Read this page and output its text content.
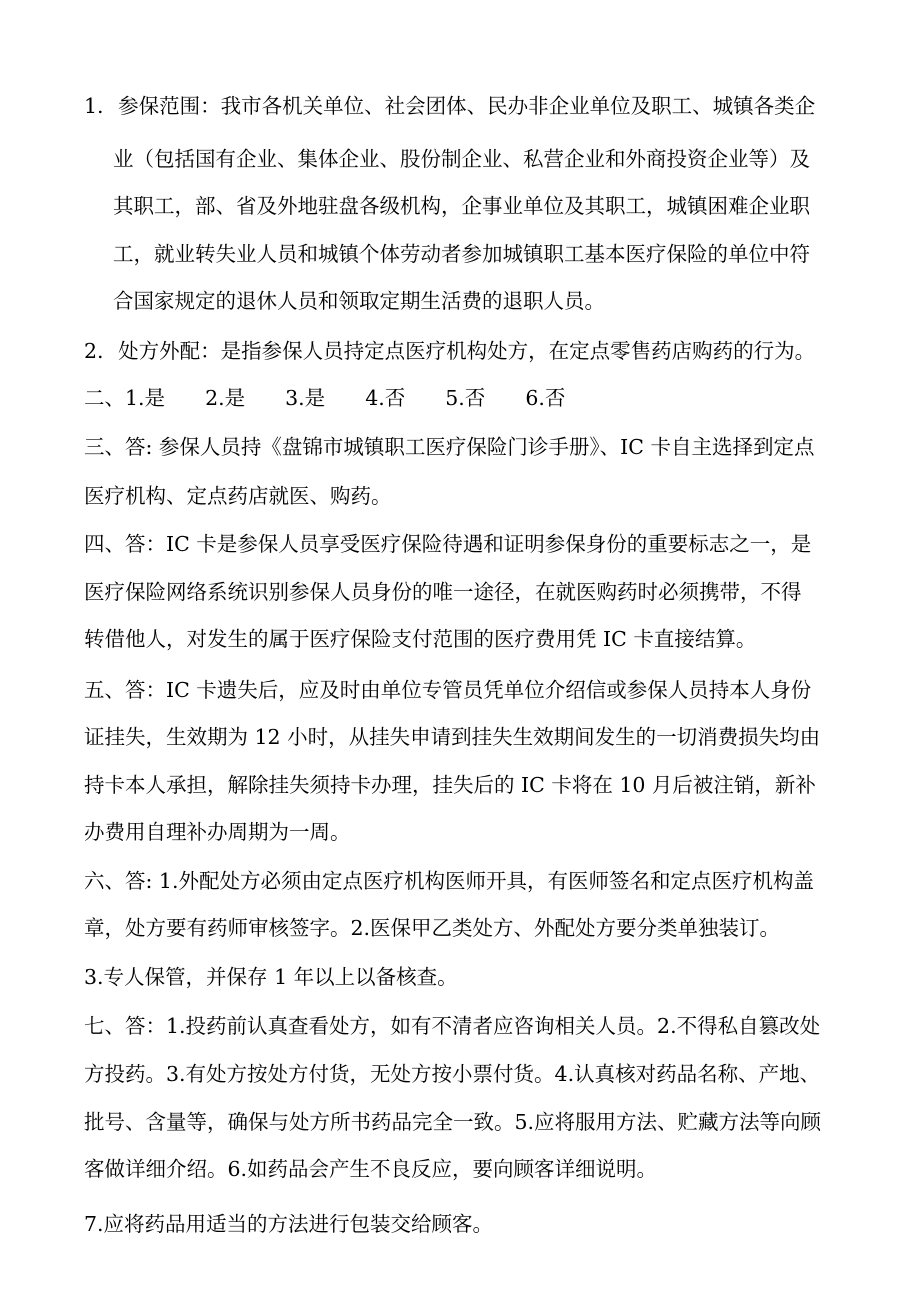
1. 参保范围：我市各机关单位、社会团体、民办非企业单位及职工、城镇各类企
业（包括国有企业、集体企业、股份制企业、私营企业和外商投资企业等）及
其职工，部、省及外地驻盘各级机构，企事业单位及其职工，城镇困难企业职
工，就业转失业人员和城镇个体劳动者参加城镇职工基本医疗保险的单位中符
合国家规定的退休人员和领取定期生活费的退职人员。
2. 处方外配：是指参保人员持定点医疗机构处方，在定点零售药店购药的行为。
二、1.是 2.是 3.是 4.否 5.否 6.否
三、答: 参保人员持《盘锦市城镇职工医疗保险门诊手册》、IC 卡自主选择到定点
医疗机构、定点药店就医、购药。
四、答：IC 卡是参保人员享受医疗保险待遇和证明参保身份的重要标志之一，是
医疗保险网络系统识别参保人员身份的唯一途径，在就医购药时必须携带，不得
转借他人，对发生的属于医疗保险支付范围的医疗费用凭 IC 卡直接结算。
五、答：IC 卡遗失后，应及时由单位专管员凭单位介绍信或参保人员持本人身份
证挂失，生效期为 12 小时，从挂失申请到挂失生效期间发生的一切消费损失均由
持卡本人承担，解除挂失须持卡办理，挂失后的 IC 卡将在 10 月后被注销，新补
办费用自理补办周期为一周。
六、答: 1.外配处方必须由定点医疗机构医师开具，有医师签名和定点医疗机构盖
章，处方要有药师审核签字。2.医保甲乙类处方、外配处方要分类单独装订。
3.专人保管，并保存 1 年以上以备核查。
七、答：1.投药前认真查看处方，如有不清者应咨询相关人员。2.不得私自篡改处
方投药。3.有处方按处方付货，无处方按小票付货。4.认真核对药品名称、产地、
批号、含量等，确保与处方所书药品完全一致。5.应将服用方法、贮藏方法等向顾
客做详细介绍。6.如药品会产生不良反应，要向顾客详细说明。
7.应将药品用适当的方法进行包装交给顾客。
